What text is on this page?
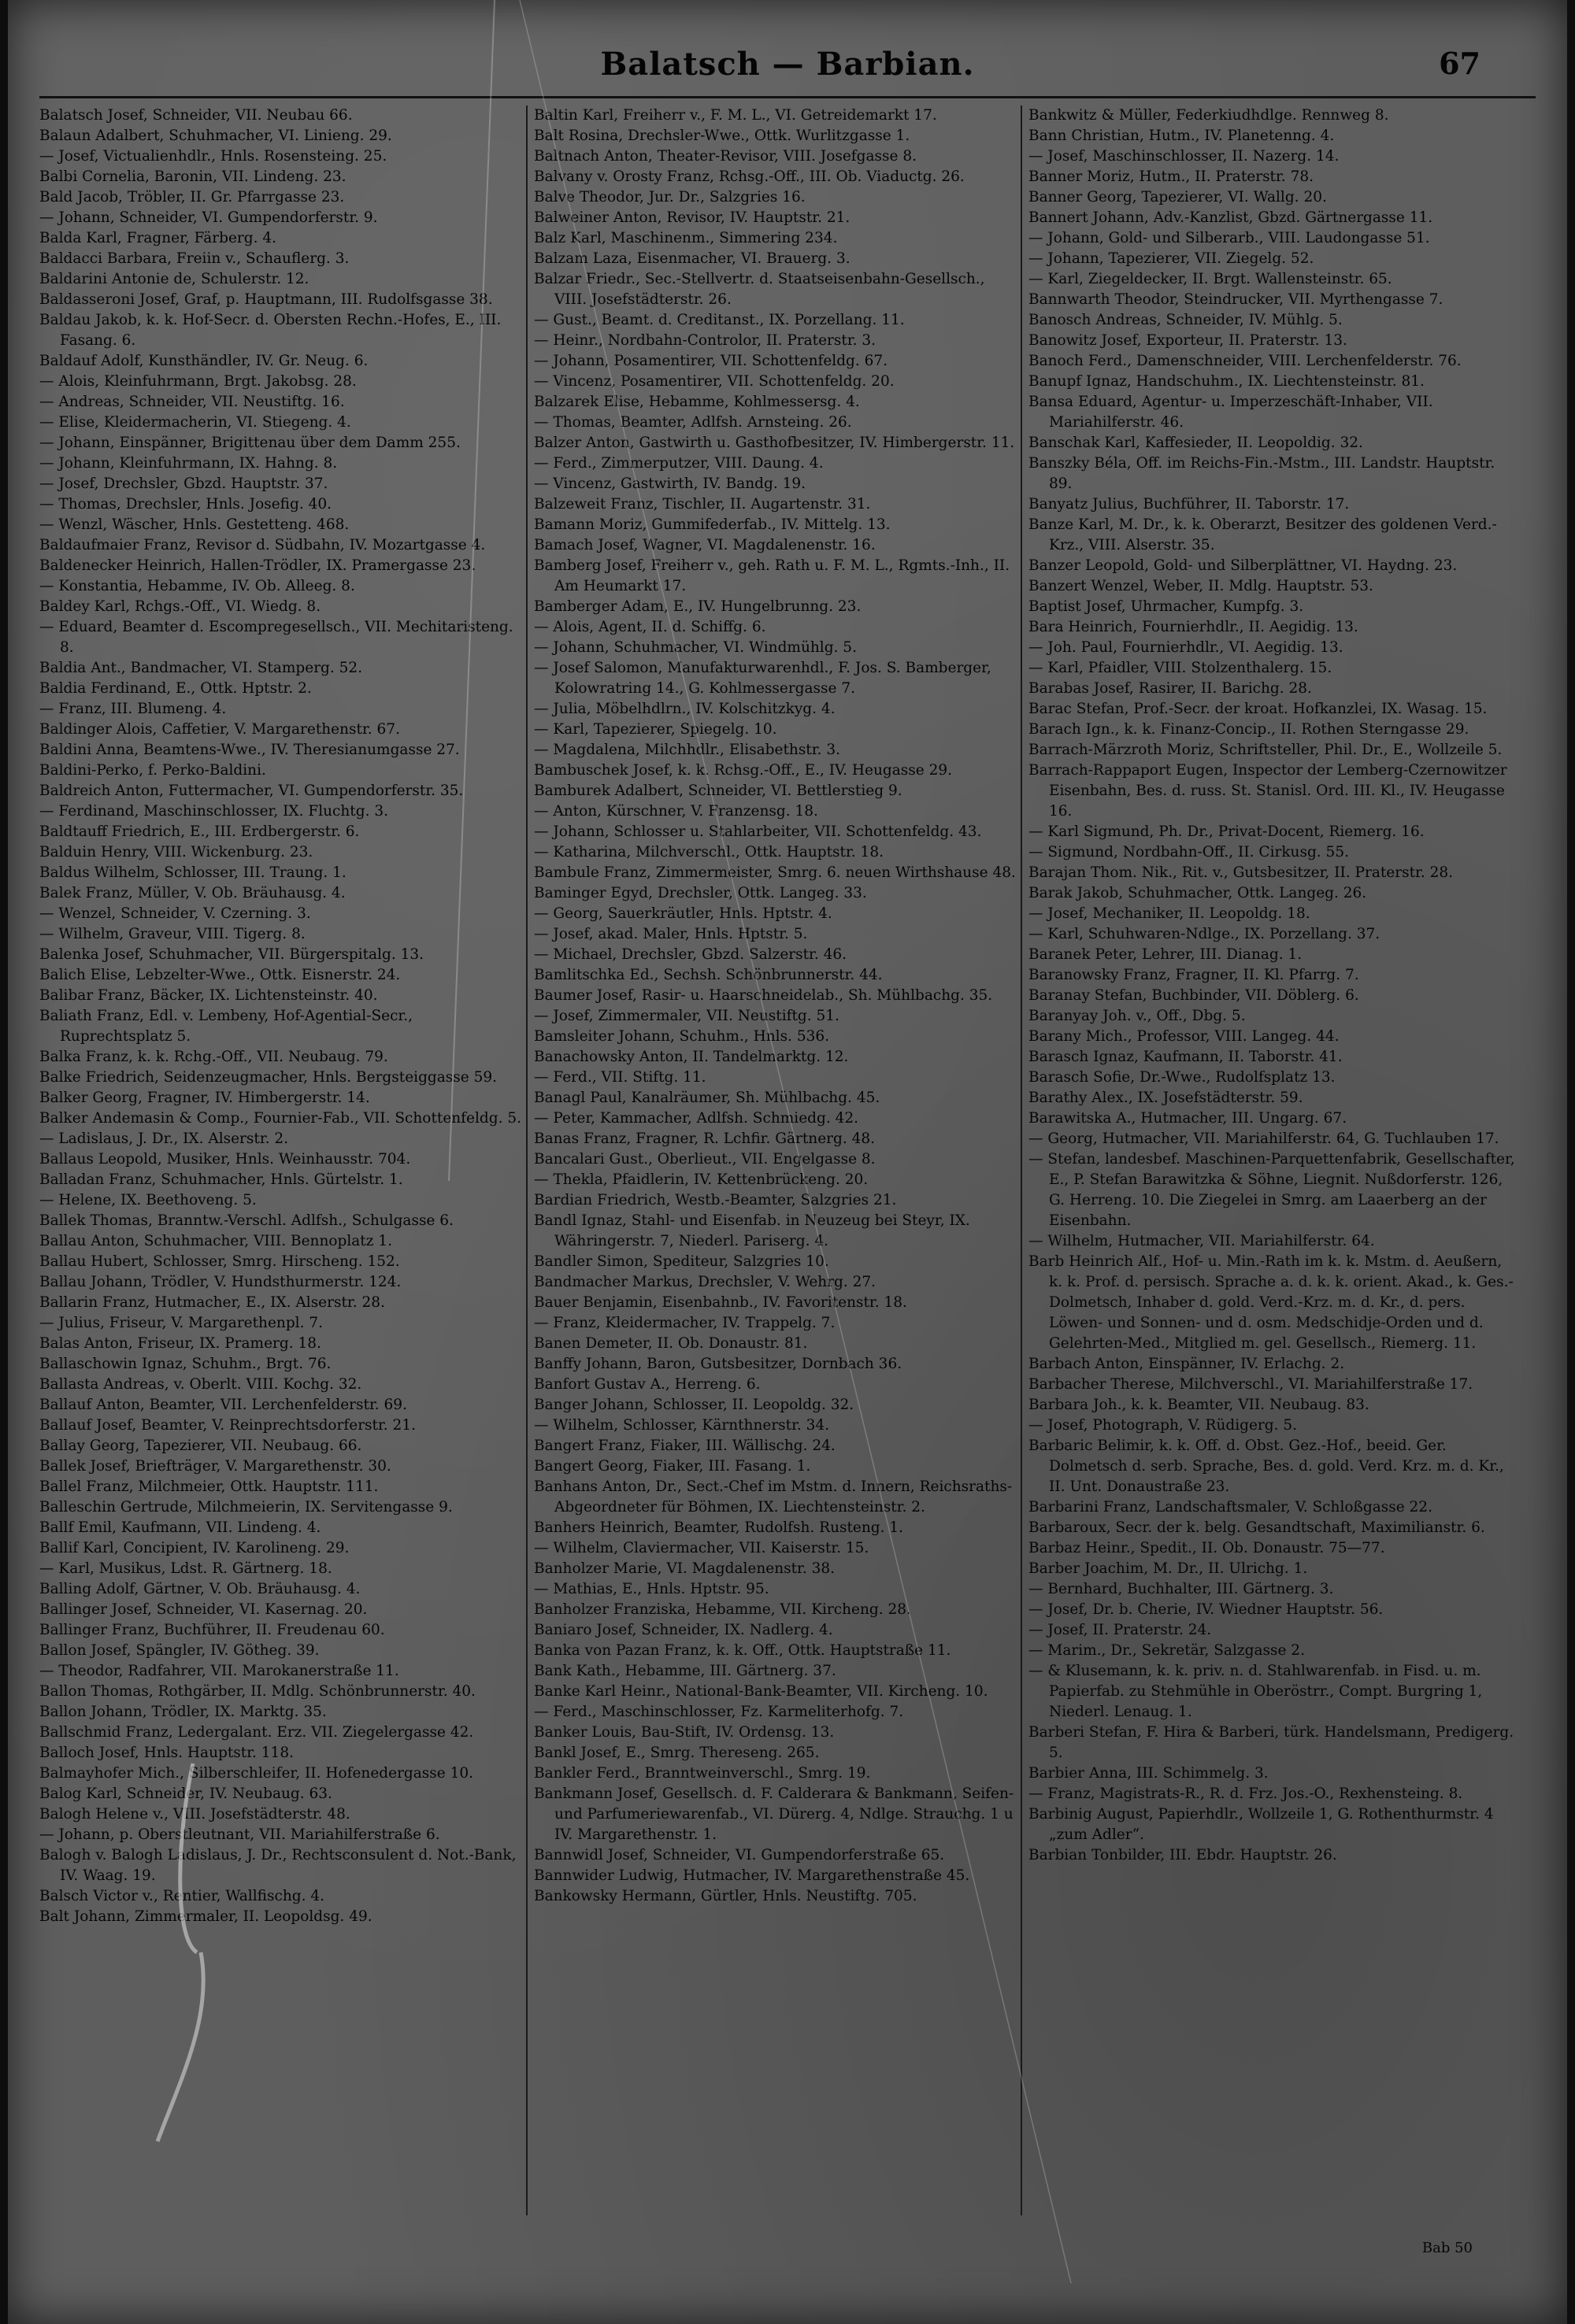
Balatsch — Barbian.	67
Balatsch Josef, Schneider, VII. Neubau 66.
Balaun Adalbert, Schuhmacher, VI. Linieng. 29.
— Josef, Victualienhdlr., Hnls. Rosensteing. 25.
Balbi Cornelia, Baronin, VII. Lindeng. 23.
Bald Jacob, Tröbler, II. Gr. Pfarrgasse 23.
— Johann, Schneider, VI. Gumpendorferstr. 9.
Balda Karl, Fragner, Färberg. 4.
Baldacci Barbara, Freiin v., Schauflerg. 3.
Baldarini Antonie de, Schulerstr. 12.
Baldasseroni Josef, Graf, p. Hauptmann, III. Rudolfsgasse 38.
Baldau Jakob, k. k. Hof-Secr. d. Obersten Rechn.-Hofes, E., III. Fasang. 6.
Baldauf Adolf, Kunsthändler, IV. Gr. Neug. 6.
— Alois, Kleinfuhrmann, Brgt. Jakobsg. 28.
— Andreas, Schneider, VII. Neustiftg. 16.
— Elise, Kleidermacherin, VI. Stiegeng. 4.
— Johann, Einspänner, Brigittenau über dem Damm 255.
— Johann, Kleinfuhrmann, IX. Hahng. 8.
— Josef, Drechsler, Gbzd. Hauptstr. 37.
— Thomas, Drechsler, Hnls. Josefig. 40.
— Wenzl, Wäscher, Hnls. Gestetteng. 468.
Baldaufmaier Franz, Revisor d. Südbahn, IV. Mozartgasse 4.
Baldenecker Heinrich, Hallen-Trödler, IX. Pramergasse 23.
— Konstantia, Hebamme, IV. Ob. Alleeg. 8.
Baldey Karl, Rchgs.-Off., VI. Wiedg. 8.
— Eduard, Beamter d. Escompregesellsch., VII. Mechitaristeng. 8.
Baldia Ant., Bandmacher, VI. Stamperg. 52.
Baldia Ferdinand, E., Ottk. Hptstr. 2.
— Franz, III. Blumeng. 4.
Baldinger Alois, Caffetier, V. Margarethenstr. 67.
Baldini Anna, Beamtens-Wwe., IV. Theresianumgasse 27.
Baldini-Perko, f. Perko-Baldini.
Baldreich Anton, Futtermacher, VI. Gumpendorferstr. 35.
— Ferdinand, Maschinschlosser, IX. Fluchtg. 3.
Baldtauff Friedrich, E., III. Erdbergerstr. 6.
Balduin Henry, VIII. Wickenburg. 23.
Baldus Wilhelm, Schlosser, III. Traung. 1.
Balek Franz, Müller, V. Ob. Bräuhausg. 4.
— Wenzel, Schneider, V. Czerning. 3.
— Wilhelm, Graveur, VIII. Tigerg. 8.
Balenka Josef, Schuhmacher, VII. Bürgerspitalg. 13.
Balich Elise, Lebzelter-Wwe., Ottk. Eisnerstr. 24.
Balibar Franz, Bäcker, IX. Lichtensteinstr. 40.
Baliath Franz, Edl. v. Lembeny, Hof-Agential-Secr., Ruprechtsplatz 5.
Balka Franz, k. k. Rchg.-Off., VII. Neubaug. 79.
Balke Friedrich, Seidenzeugmacher, Hnls. Bergsteiggasse 59.
Balker Georg, Fragner, IV. Himbergerstr. 14.
Balker Andemasin & Comp., Fournier-Fab., VII. Schottenfeldg. 5.
— Ladislaus, J. Dr., IX. Alserstr. 2.
Ballaus Leopold, Musiker, Hnls. Weinhausstr. 704.
Balladan Franz, Schuhmacher, Hnls. Gürtelstr. 1.
— Helene, IX. Beethoveng. 5.
Ballek Thomas, Branntw.-Verschl. Adlfsh., Schulgasse 6.
Ballau Anton, Schuhmacher, VIII. Bennoplatz 1.
Ballau Hubert, Schlosser, Smrg. Hirscheng. 152.
Ballau Johann, Trödler, V. Hundsthurmerstr. 124.
Ballarin Franz, Hutmacher, E., IX. Alserstr. 28.
— Julius, Friseur, V. Margarethenpl. 7.
Balas Anton, Friseur, IX. Pramerg. 18.
Ballaschowin Ignaz, Schuhm., Brgt. 76.
Ballasta Andreas, v. Oberlt. VIII. Kochg. 32.
Ballauf Anton, Beamter, VII. Lerchenfelderstr. 69.
Ballauf Josef, Beamter, V. Reinprechtsdorferstr. 21.
Ballay Georg, Tapezierer, VII. Neubaug. 66.
Ballek Josef, Briefträger, V. Margarethenstr. 30.
Ballel Franz, Milchmeier, Ottk. Hauptstr. 111.
Balleschin Gertrude, Milchmeierin, IX. Servitengasse 9.
Ballf Emil, Kaufmann, VII. Lindeng. 4.
Ballif Karl, Concipient, IV. Karolineng. 29.
— Karl, Musikus, Ldst. R. Gärtnerg. 18.
Balling Adolf, Gärtner, V. Ob. Bräuhausg. 4.
Ballinger Josef, Schneider, VI. Kasernag. 20.
Ballinger Franz, Buchführer, II. Freudenau 60.
Ballon Josef, Spängler, IV. Götheg. 39.
— Theodor, Radfahrer, VII. Marokanerstraße 11.
Ballon Thomas, Rothgärber, II. Mdlg. Schönbrunnerstr. 40.
Ballon Johann, Trödler, IX. Marktg. 35.
Ballschmid Franz, Ledergalant. Erz. VII. Ziegelergasse 42.
Balloch Josef, Hnls. Hauptstr. 118.
Balmayhofer Mich., Silberschleifer, II. Hofenedergasse 10.
Balog Karl, Schneider, IV. Neubaug. 63.
Balogh Helene v., VIII. Josefstädterstr. 48.
— Johann, p. Oberstleutnant, VII. Mariahilferstraße 6.
Balogh v. Balogh Ladislaus, J. Dr., Rechtsconsulent d. Not.-Bank, IV. Waag. 19.
Balsch Victor v., Rentier, Wallfischg. 4.
Balt Johann, Zimmermaler, II. Leopoldsg. 49.
Baltin Karl, Freiherr v., F. M. L., VI. Getreidemarkt 17.
Balt Rosina, Drechsler-Wwe., Ottk. Wurlitzgasse 1.
Baltnach Anton, Theater-Revisor, VIII. Josefgasse 8.
Balvany v. Orosty Franz, Rchsg.-Off., III. Ob. Viaductg. 26.
Balve Theodor, Jur. Dr., Salzgries 16.
Balweiner Anton, Revisor, IV. Hauptstr. 21.
Balz Karl, Maschinenm., Simmering 234.
Balzam Laza, Eisenmacher, VI. Brauerg. 3.
Balzar Friedr., Sec.-Stellvertr. d. Staatseisenbahn-Gesellsch., VIII. Josefstädterstr. 26.
— Gust., Beamt. d. Creditanst., IX. Porzellang. 11.
— Heinr., Nordbahn-Controlor, II. Praterstr. 3.
— Johann, Posamentirer, VII. Schottenfeldg. 67.
— Vincenz, Posamentirer, VII. Schottenfeldg. 20.
Balzarek Elise, Hebamme, Kohlmessersg. 4.
— Thomas, Beamter, Adlfsh. Arnsteing. 26.
Balzer Anton, Gastwirth u. Gasthofbesitzer, IV. Himbergerstr. 11.
— Ferd., Zimmerputzer, VIII. Daung. 4.
— Vincenz, Gastwirth, IV. Bandg. 19.
Balzeweit Franz, Tischler, II. Augartenstr. 31.
Bamann Moriz, Gummifederfab., IV. Mittelg. 13.
Bamach Josef, Wagner, VI. Magdalenenstr. 16.
Bamberg Josef, Freiherr v., geh. Rath u. F. M. L., Rgmts.-Inh., II. Am Heumarkt 17.
Bamberger Adam, E., IV. Hungelbrunng. 23.
— Alois, Agent, II. d. Schiffg. 6.
— Johann, Schuhmacher, VI. Windmühlg. 5.
— Josef Salomon, Manufakturwarenhdl., F. Jos. S. Bamberger, Kolowratring 14., G. Kohlmessergasse 7.
— Julia, Möbelhdlrn., IV. Kolschitzkyg. 4.
— Karl, Tapezierer, Spiegelg. 10.
— Magdalena, Milchhdlr., Elisabethstr. 3.
Bambuschek Josef, k. k. Rchsg.-Off., E., IV. Heugasse 29.
Bamburek Adalbert, Schneider, VI. Bettlerstieg 9.
— Anton, Kürschner, V. Franzensg. 18.
— Johann, Schlosser u. Stahlarbeiter, VII. Schottenfeldg. 43.
— Katharina, Milchverschl., Ottk. Hauptstr. 18.
Bambule Franz, Zimmermeister, Smrg. 6. neuen Wirthshause 48.
Baminger Egyd, Drechsler, Ottk. Langeg. 33.
— Georg, Sauerkräutler, Hnls. Hptstr. 4.
— Josef, akad. Maler, Hnls. Hptstr. 5.
— Michael, Drechsler, Gbzd. Salzerstr. 46.
Bamlitschka Ed., Sechsh. Schönbrunnerstr. 44.
Baumer Josef, Rasir- u. Haarschneidelab., Sh. Mühlbachg. 35.
— Josef, Zimmermaler, VII. Neustiftg. 51.
Bamsleiter Johann, Schuhm., Hnls. 536.
Banachowsky Anton, II. Tandelmarktg. 12.
— Ferd., VII. Stiftg. 11.
Banagl Paul, Kanalräumer, Sh. Mühlbachg. 45.
— Peter, Kammacher, Adlfsh. Schmiedg. 42.
Banas Franz, Fragner, R. Lchfir. Gärtnerg. 48.
Bancalari Gust., Oberlieut., VII. Engelgasse 8.
— Thekla, Pfaidlerin, IV. Kettenbrückeng. 20.
Bardian Friedrich, Westb.-Beamter, Salzgries 21.
Bandl Ignaz, Stahl- und Eisenfab. in Neuzeug bei Steyr, IX. Währingerstr. 7, Niederl. Pariserg. 4.
Bandler Simon, Spediteur, Salzgries 10.
Bandmacher Markus, Drechsler, V. Wehrg. 27.
Bauer Benjamin, Eisenbahnb., IV. Favoritenstr. 18.
— Franz, Kleidermacher, IV. Trappelg. 7.
Banen Demeter, II. Ob. Donaustr. 81.
Banffy Johann, Baron, Gutsbesitzer, Dornbach 36.
Banfort Gustav A., Herreng. 6.
Banger Johann, Schlosser, II. Leopoldg. 32.
— Wilhelm, Schlosser, Kärnthnerstr. 34.
Bangert Franz, Fiaker, III. Wällischg. 24.
Bangert Georg, Fiaker, III. Fasang. 1.
Banhans Anton, Dr., Sect.-Chef im Mstm. d. Innern, Reichsraths-Abgeordneter für Böhmen, IX. Liechtensteinstr. 2.
Banhers Heinrich, Beamter, Rudolfsh. Rusteng. 1.
— Wilhelm, Claviermacher, VII. Kaiserstr. 15.
Banholzer Marie, VI. Magdalenenstr. 38.
— Mathias, E., Hnls. Hptstr. 95.
Banholzer Franziska, Hebamme, VII. Kircheng. 28.
Baniaro Josef, Schneider, IX. Nadlerg. 4.
Banka von Pazan Franz, k. k. Off., Ottk. Hauptstraße 11.
Bank Kath., Hebamme, III. Gärtnerg. 37.
Banke Karl Heinr., National-Bank-Beamter, VII. Kircheng. 10.
— Ferd., Maschinschlosser, Fz. Karmeliterhofg. 7.
Banker Louis, Bau-Stift, IV. Ordensg. 13.
Bankl Josef, E., Smrg. Thereseng. 265.
Bankler Ferd., Branntweinverschl., Smrg. 19.
Bankmann Josef, Gesellsch. d. F. Calderara & Bankmann, Seifen- und Parfumeriewarenfab., VI. Dürerg. 4, Ndlge. Strauchg. 1 u IV. Margarethenstr. 1.
Bannwidl Josef, Schneider, VI. Gumpendorferstraße 65.
Bannwider Ludwig, Hutmacher, IV. Margarethenstraße 45.
Bankowsky Hermann, Gürtler, Hnls. Neustiftg. 705.
Bankwitz & Müller, Federkiudhdlge. Rennweg 8.
Bann Christian, Hutm., IV. Planetenng. 4.
— Josef, Maschinschlosser, II. Nazerg. 14.
Banner Moriz, Hutm., II. Praterstr. 78.
Banner Georg, Tapezierer, VI. Wallg. 20.
Bannert Johann, Adv.-Kanzlist, Gbzd. Gärtnergasse 11.
— Johann, Gold- und Silberarb., VIII. Laudongasse 51.
— Johann, Tapezierer, VII. Ziegelg. 52.
— Karl, Ziegeldecker, II. Brgt. Wallensteinstr. 65.
Bannwarth Theodor, Steindrucker, VII. Myrthengasse 7.
Banosch Andreas, Schneider, IV. Mühlg. 5.
Banowitz Josef, Exporteur, II. Praterstr. 13.
Banoch Ferd., Damenschneider, VIII. Lerchenfelderstr. 76.
Banupf Ignaz, Handschuhm., IX. Liechtensteinstr. 81.
Bansa Eduard, Agentur- u. Imperzeschäft-Inhaber, VII. Mariahilferstr. 46.
Banschak Karl, Kaffesieder, II. Leopoldig. 32.
Banszky Béla, Off. im Reichs-Fin.-Mstm., III. Landstr. Hauptstr. 89.
Banyatz Julius, Buchführer, II. Taborstr. 17.
Banze Karl, M. Dr., k. k. Oberarzt, Besitzer des goldenen Verd.-Krz., VIII. Alserstr. 35.
Banzer Leopold, Gold- und Silberplättner, VI. Haydng. 23.
Banzert Wenzel, Weber, II. Mdlg. Hauptstr. 53.
Baptist Josef, Uhrmacher, Kumpfg. 3.
Bara Heinrich, Fournierhdlr., II. Aegidig. 13.
— Joh. Paul, Fournierhdlr., VI. Aegidig. 13.
— Karl, Pfaidler, VIII. Stolzenthalerg. 15.
Barabas Josef, Rasirer, II. Barichg. 28.
Barac Stefan, Prof.-Secr. der kroat. Hofkanzlei, IX. Wasag. 15.
Barach Ign., k. k. Finanz-Concip., II. Rothen Sterngasse 29.
Barrach-Märzroth Moriz, Schriftsteller, Phil. Dr., E., Wollzeile 5.
Barrach-Rappaport Eugen, Inspector der Lemberg-Czernowitzer Eisenbahn, Bes. d. russ. St. Stanisl. Ord. III. Kl., IV. Heugasse 16.
— Karl Sigmund, Ph. Dr., Privat-Docent, Riemerg. 16.
— Sigmund, Nordbahn-Off., II. Cirkusg. 55.
Barajan Thom. Nik., Rit. v., Gutsbesitzer, II. Praterstr. 28.
Barak Jakob, Schuhmacher, Ottk. Langeg. 26.
— Josef, Mechaniker, II. Leopoldg. 18.
— Karl, Schuhwaren-Ndlge., IX. Porzellang. 37.
Baranek Peter, Lehrer, III. Dianag. 1.
Baranowsky Franz, Fragner, II. Kl. Pfarrg. 7.
Baranay Stefan, Buchbinder, VII. Döblerg. 6.
Baranyay Joh. v., Off., Dbg. 5.
Barany Mich., Professor, VIII. Langeg. 44.
Barasch Ignaz, Kaufmann, II. Taborstr. 41.
Barasch Sofie, Dr.-Wwe., Rudolfsplatz 13.
Barathy Alex., IX. Josefstädterstr. 59.
Barawitska A., Hutmacher, III. Ungarg. 67.
— Georg, Hutmacher, VII. Mariahilferstr. 64, G. Tuchlauben 17.
— Stefan, landesbef. Maschinen-Parquettenfabrik, Gesellschafter, E., P. Stefan Barawitzka & Söhne, Liegnit. Nußdorferstr. 126, G. Herreng. 10. Die Ziegelei in Smrg. am Laaerberg an der Eisenbahn.
— Wilhelm, Hutmacher, VII. Mariahilferstr. 64.
Barb Heinrich Alf., Hof- u. Min.-Rath im k. k. Mstm. d. Aeußern, k. k. Prof. d. persisch. Sprache a. d. k. k. orient. Akad., k. Ges.-Dolmetsch, Inhaber d. gold. Verd.-Krz. m. d. Kr., d. pers. Löwen- und Sonnen- und d. osm. Medschidje-Orden und d. Gelehrten-Med., Mitglied m. gel. Gesellsch., Riemerg. 11.
Barbach Anton, Einspänner, IV. Erlachg. 2.
Barbacher Therese, Milchverschl., VI. Mariahilferstraße 17.
Barbara Joh., k. k. Beamter, VII. Neubaug. 83.
— Josef, Photograph, V. Rüdigerg. 5.
Barbaric Belimir, k. k. Off. d. Obst. Gez.-Hof., beeid. Ger. Dolmetsch d. serb. Sprache, Bes. d. gold. Verd. Krz. m. d. Kr., II. Unt. Donaustraße 23.
Barbarini Franz, Landschaftsmaler, V. Schloßgasse 22.
Barbaroux, Secr. der k. belg. Gesandtschaft, Maximilianstr. 6.
Barbaz Heinr., Spedit., II. Ob. Donaustr. 75—77.
Barber Joachim, M. Dr., II. Ulrichg. 1.
— Bernhard, Buchhalter, III. Gärtnerg. 3.
— Josef, Dr. b. Cherie, IV. Wiedner Hauptstr. 56.
— Josef, II. Praterstr. 24.
— Marim., Dr., Sekretär, Salzgasse 2.
— & Klusemann, k. k. priv. n. d. Stahlwarenfab. in Fisd. u. m. Papierfab. zu Stehmühle in Oberöstrr., Compt. Burgring 1, Niederl. Lenaug. 1.
Barberi Stefan, F. Hira & Barberi, türk. Handelsmann, Predigerg. 5.
Barbier Anna, III. Schimmelg. 3.
— Franz, Magistrats-R., R. d. Frz. Jos.-O., Rexhensteing. 8.
Barbinig August, Papierhdlr., Wollzeile 1, G. Rothenthurmstr. 4 „zum Adler“.
Barbian Tonbilder, III. Ebdr. Hauptstr. 26.
Bab 50
